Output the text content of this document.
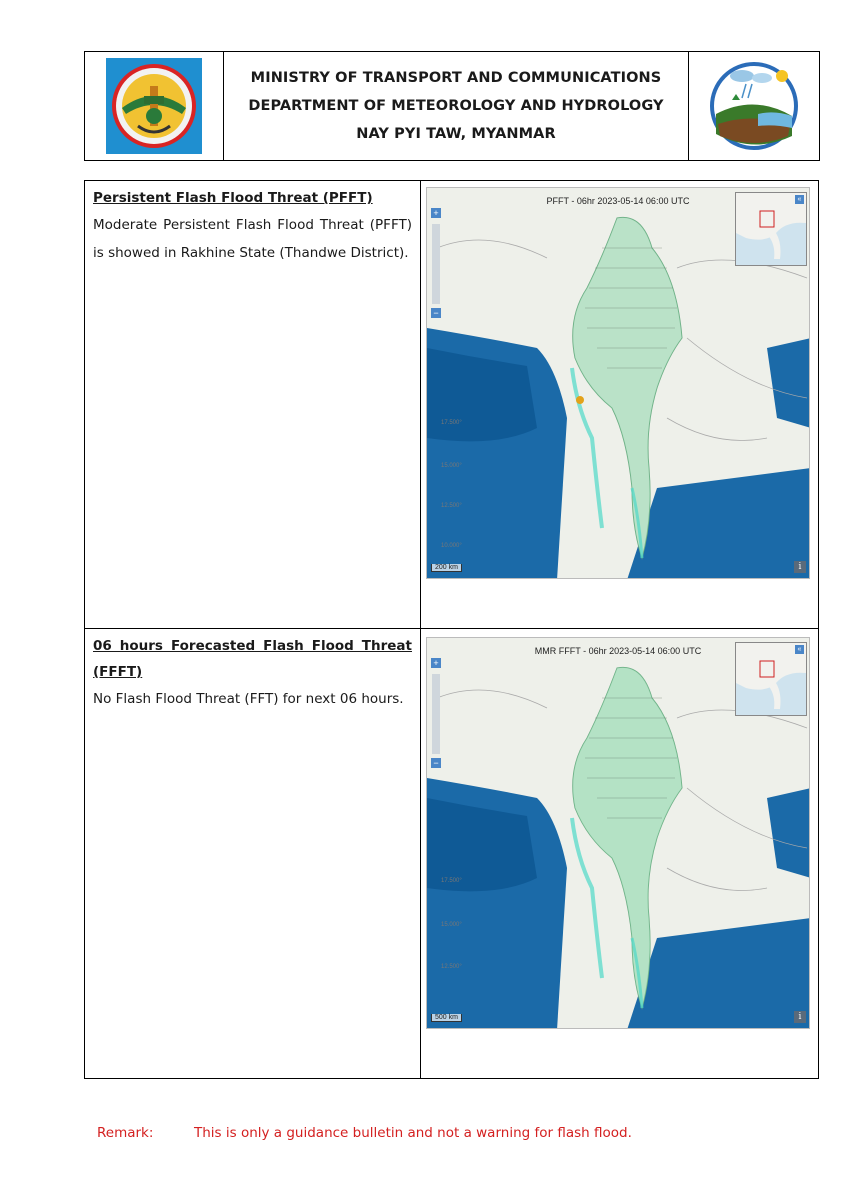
MINISTRY OF TRANSPORT AND COMMUNICATIONS
DEPARTMENT OF METEOROLOGY AND HYDROLOGY
NAY PYI TAW, MYANMAR
Persistent Flash Flood Threat (PFFT)
Moderate Persistent Flash Flood Threat (PFFT) is showed in Rakhine State (Thandwe District).
PFFT - 06hr 2023-05-14 06:00 UTC
+
−
«
17.500°
15.000°
12.500°
10.000°
200 km	i
06 hours Forecasted Flash Flood Threat (FFFT)
No Flash Flood Threat (FFT) for next 06 hours.
MMR FFFT - 06hr 2023-05-14 06:00 UTC
+
−
«
17.500°
15.000°
12.500°
500 km	i
Remark:	This is only a guidance bulletin and not a warning for flash flood.
